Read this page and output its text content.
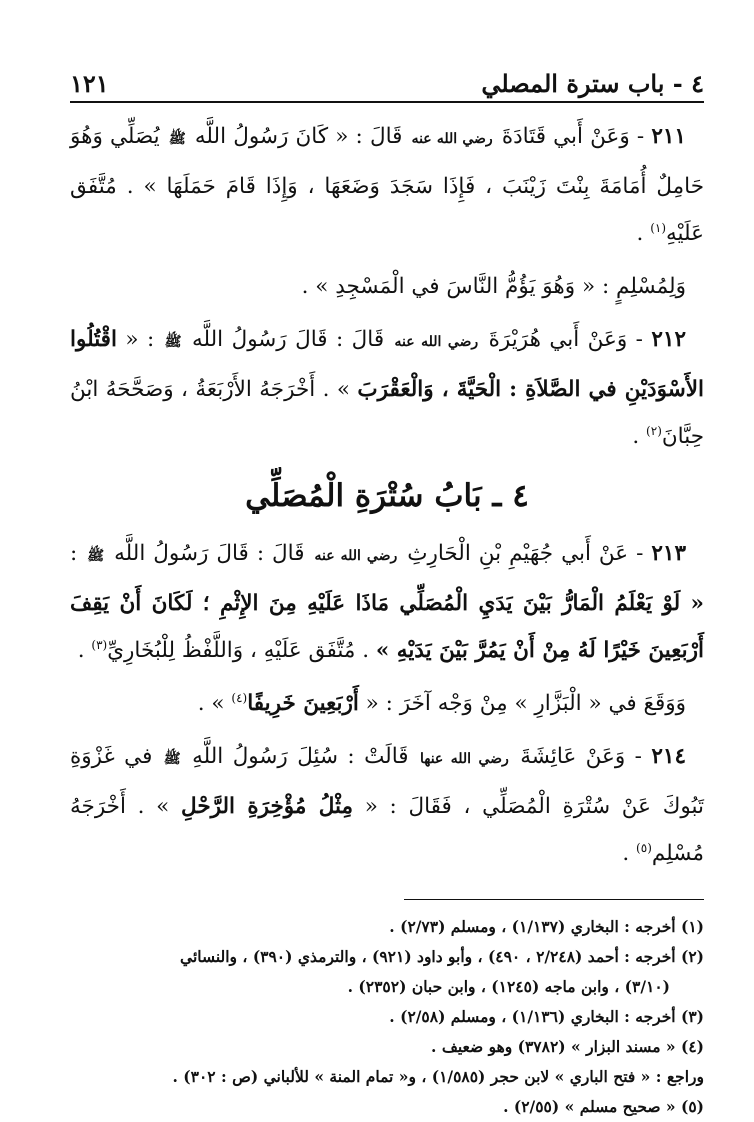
٤ - باب سترة المصلي
١٢١

٢١١ - وَعَنْ أَبي قَتَادَةَ رضي الله عنه قَالَ : « كَانَ رَسُولُ اللَّه ﷺ يُصَلِّي وَهُوَ حَامِلٌ أُمَامَةَ بِنْتَ زَيْنَبَ ، فَإِذَا سَجَدَ وَضَعَهَا ، وَإِذَا قَامَ حَمَلَهَا » . مُتَّفَق عَلَيْهِ$^{(١)}$ .

وَلِمُسْلِمٍ : « وَهُوَ يَؤُمُّ النَّاسَ في الْمَسْجِدِ » .

٢١٢ - وَعَنْ أَبي هُرَيْرَةَ رضي الله عنه قَالَ : قَالَ رَسُولُ اللَّه ﷺ : « اقْتُلُوا الأَسْوَدَيْنِ في الصَّلاَةِ : الْحَيَّةَ ، وَالْعَقْرَبَ » . أَخْرَجَهُ الأَرْبَعَةُ ، وَصَحَّحَهُ ابْنُ حِبَّانَ$^{(٢)}$ .

٤ ـ بَابُ سُتْرَةِ الْمُصَلِّي

٢١٣ - عَنْ أَبي جُهَيْمِ بْنِ الْحَارِثِ رضي الله عنه قَالَ : قَالَ رَسُولُ اللَّه ﷺ : « لَوْ يَعْلَمُ الْمَارُّ بَيْنَ يَدَيِ الْمُصَلِّي مَاذَا عَلَيْهِ مِنَ الإِثْمِ ؛ لَكَانَ أَنْ يَقِفَ أَرْبَعِينَ خَيْرًا لَهُ مِنْ أَنْ يَمُرَّ بَيْنَ يَدَيْهِ » . مُتَّفَق عَلَيْهِ ، وَاللَّفْظُ لِلْبُخَارِيِّ$^{(٣)}$ .

وَوَقَعَ في « الْبَزَّارِ » مِنْ وَجْه آخَرَ : « أَرْبَعِينَ خَرِيفًا$^{(٤)}$ » .

٢١٤ - وَعَنْ عَائِشَةَ رضي الله عنها قَالَتْ : سُئِلَ رَسُولُ اللَّهِ ﷺ في غَزْوَةِ تَبُوكَ عَنْ سُتْرَةِ الْمُصَلِّي ، فَقَالَ : « مِثْلُ مُؤْخِرَةِ الرَّحْلِ » . أَخْرَجَهُ مُسْلِم$^{(٥)}$ .

(١) أخرجه : البخاري (١/١٣٧) ، ومسلم (٢/٧٣) .

(٢) أخرجه : أحمد (٢/٢٤٨ ، ٤٩٠) ، وأبو داود (٩٢١) ، والترمذي (٣٩٠) ، والنسائي
(٣/١٠) ، وابن ماجه (١٢٤٥) ، وابن حبان (٢٣٥٢) .

(٣) أخرجه : البخاري (١/١٣٦) ، ومسلم (٢/٥٨) .

(٤) « مسند البزار » (٣٧٨٢) وهو ضعيف .

وراجع : « فتح الباري » لابن حجر (١/٥٨٥) ، و« تمام المنة » للألباني (ص : ٣٠٢) .

(٥) « صحيح مسلم » (٢/٥٥) .
